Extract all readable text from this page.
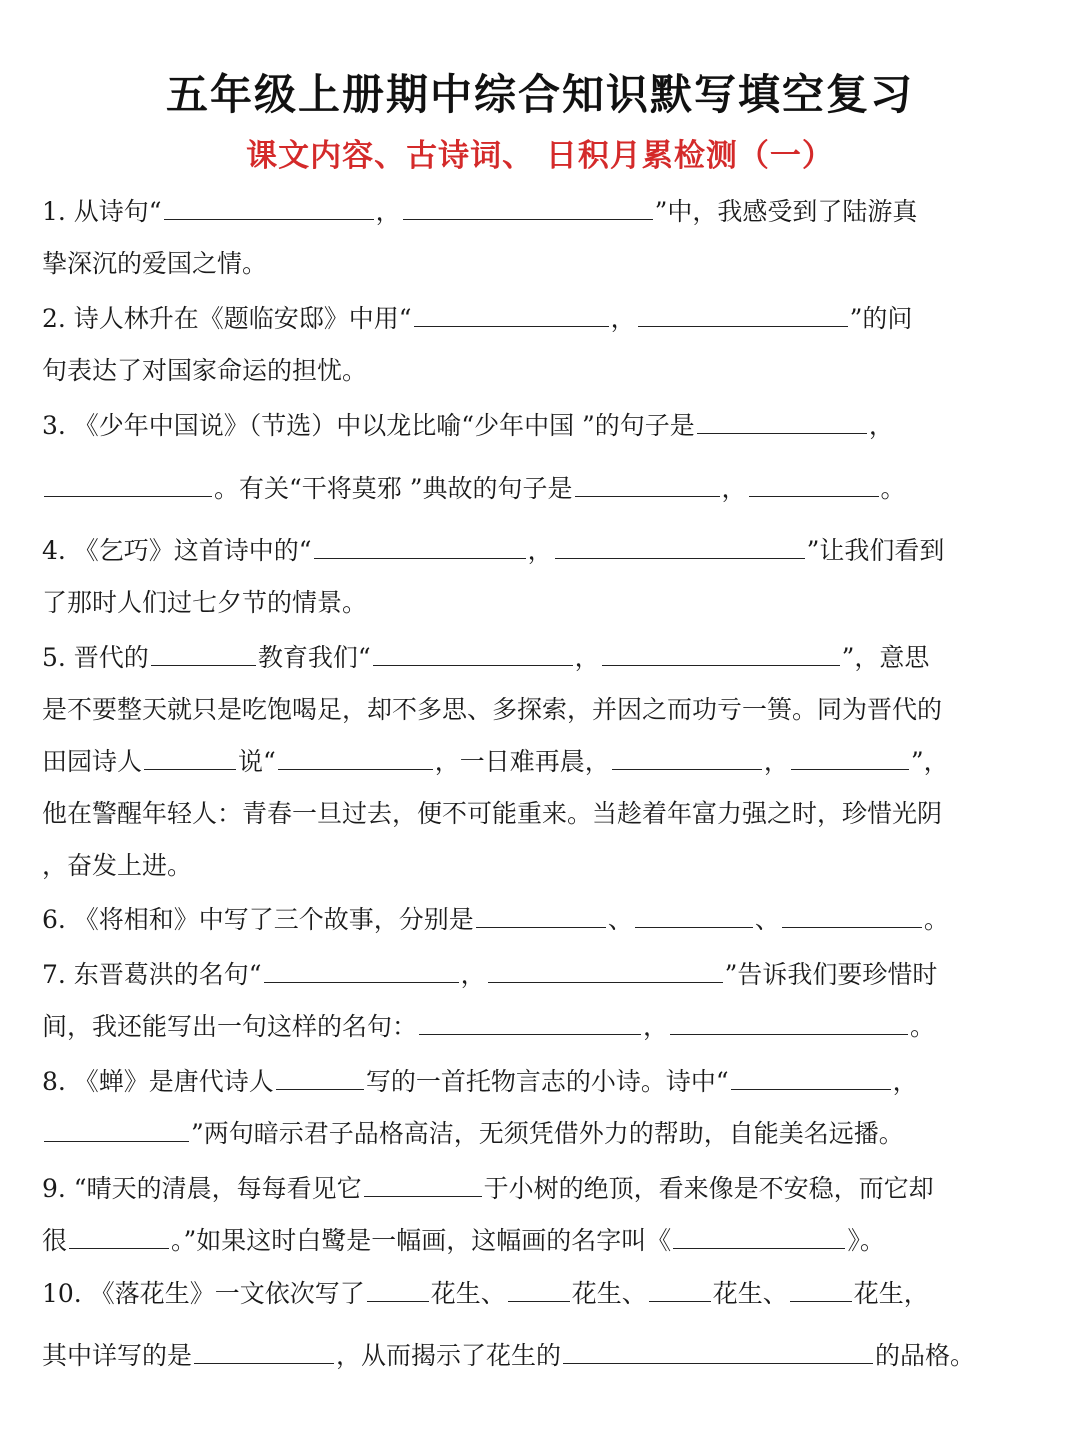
五年级上册期中综合知识默写填空复习
课文内容、古诗词、 日积月累检测（一）
1. 从诗句“	，	”中，我感受到了陆游真
挚深沉的爱国之情。
2. 诗人林升在《题临安邸》中用“	，	”的问
句表达了对国家命运的担忧。
3. 《少年中国说》（节选）中以龙比喻“少年中国 ”的句子是	，
。有关“干将莫邪 ”典故的句子是	，	。
4. 《乞巧》这首诗中的“	，	”让我们看到
了那时人们过七夕节的情景。
5. 晋代的	教育我们“	，	”，意思
是不要整天就只是吃饱喝足，却不多思、多探索，并因之而功亏一篑。同为晋代的
田园诗人	说“	，一日难再晨，	，	”，
他在警醒年轻人：青春一旦过去，便不可能重来。当趁着年富力强之时，珍惜光阴
，奋发上进。
6. 《将相和》中写了三个故事，分别是	、	、	。
7. 东晋葛洪的名句“	，	”告诉我们要珍惜时
间，我还能写出一句这样的名句：	，	。
8. 《蝉》是唐代诗人	写的一首托物言志的小诗。诗中“	，
”两句暗示君子品格高洁，无须凭借外力的帮助，自能美名远播。
9. “晴天的清晨，每每看见它	于小树的绝顶，看来像是不安稳，而它却
很	。”如果这时白鹭是一幅画，这幅画的名字叫《	》。
10. 《落花生》一文依次写了	花生、	花生、	花生、	花生，
其中详写的是	，从而揭示了花生的	的品格。
